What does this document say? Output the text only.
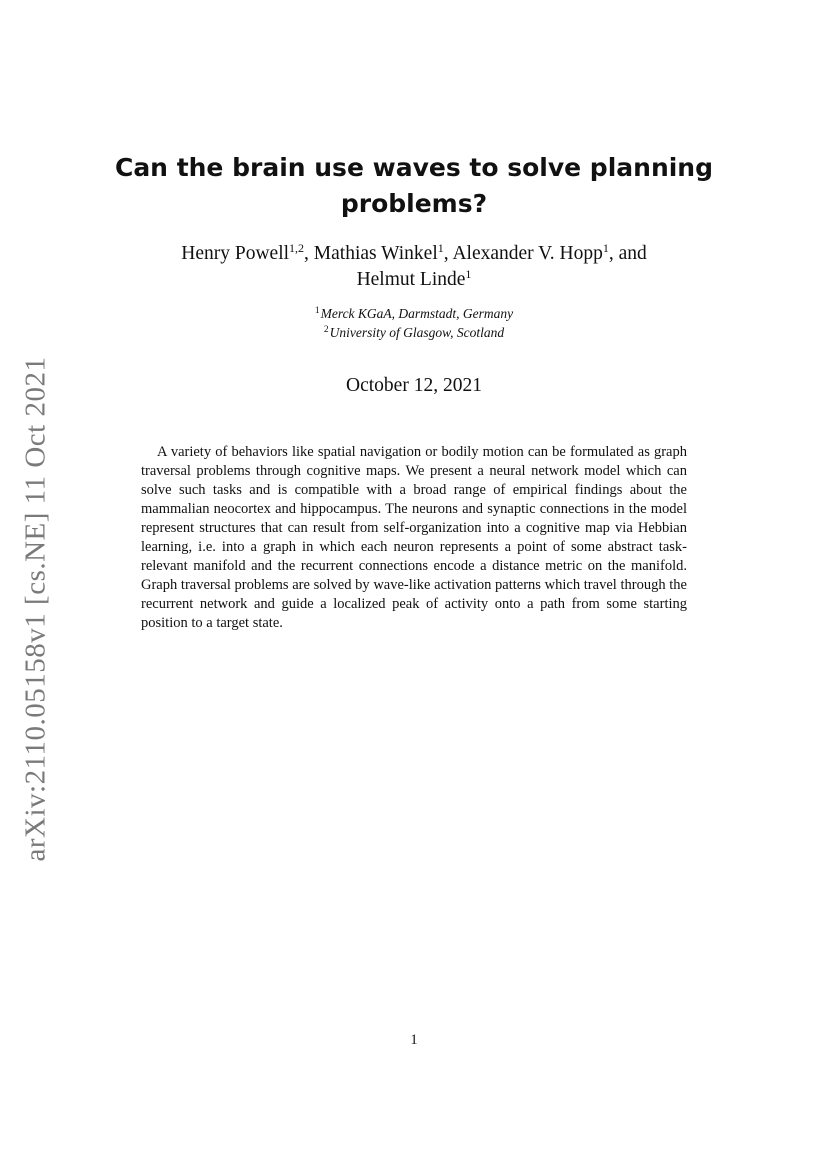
arXiv:2110.05158v1 [cs.NE] 11 Oct 2021
Can the brain use waves to solve planning
problems?
Henry Powell$^{1,2}$, Mathias Winkel$^1$, Alexander V. Hopp$^1$, and
Helmut Linde$^1$
$^1$Merck KGaA, Darmstadt, Germany
$^2$University of Glasgow, Scotland
October 12, 2021

A variety of behaviors like spatial navigation or bodily motion can be formulated as graph traversal problems through cognitive maps. We present a neural network model which can solve such tasks and is compatible with a broad range of empirical findings about the mammalian neocortex and hippocampus. The neurons and synaptic connections in the model represent structures that can result from self-organization into a cognitive map via Hebbian learning, i.e. into a graph in which each neuron represents a point of some abstract task-relevant manifold and the recurrent connections encode a distance metric on the manifold. Graph traversal problems are solved by wave-like activation patterns which travel through the recurrent network and guide a localized peak of activity onto a path from some starting position to a target state.

1
